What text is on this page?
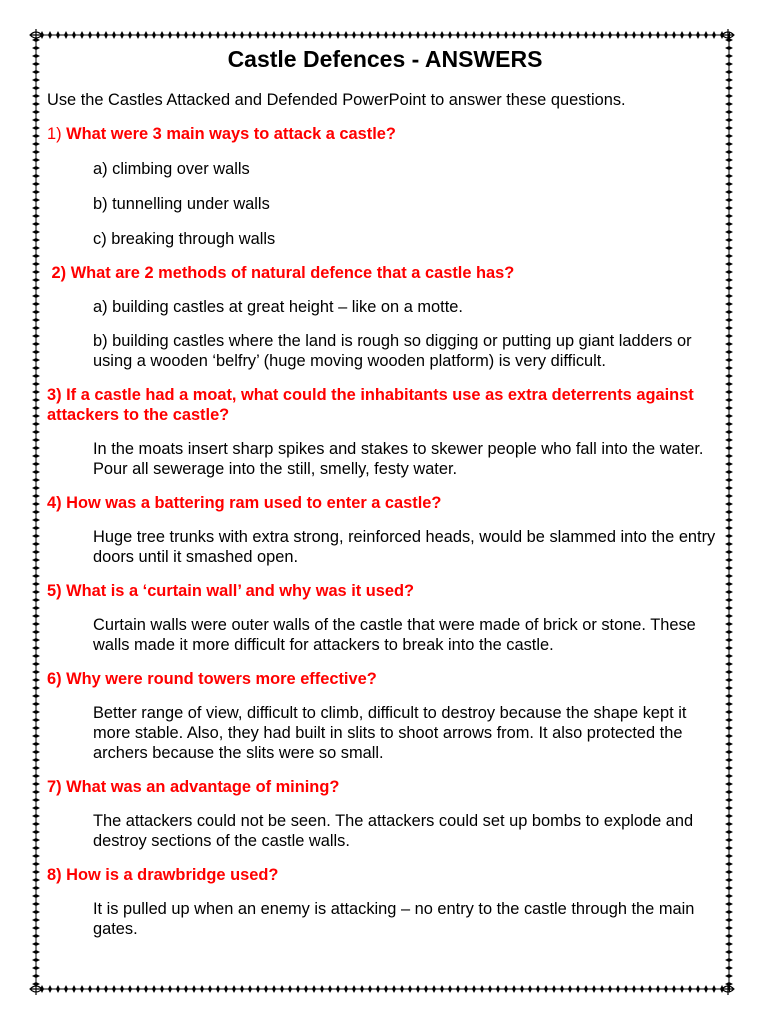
Castle Defences - ANSWERS

Use the Castles Attacked and Defended PowerPoint to answer these questions.

1) What were 3 main ways to attack a castle?

a) climbing over walls

b) tunnelling under walls

c) breaking through walls

2) What are 2 methods of natural defence that a castle has?

a) building castles at great height – like on a motte.

b) building castles where the land is rough so digging or putting up giant ladders or using a wooden ‘belfry’ (huge moving wooden platform) is very difficult.

3) If a castle had a moat, what could the inhabitants use as extra deterrents against attackers to the castle?

In the moats insert sharp spikes and stakes to skewer people who fall into the water. Pour all sewerage into the still, smelly, festy water.

4) How was a battering ram used to enter a castle?

Huge tree trunks with extra strong, reinforced heads, would be slammed into the entry doors until it smashed open.

5) What is a ‘curtain wall’ and why was it used?

Curtain walls were outer walls of the castle that were made of brick or stone. These walls made it more difficult for attackers to break into the castle.

6) Why were round towers more effective?

Better range of view, difficult to climb, difficult to destroy because the shape kept it more stable. Also, they had built in slits to shoot arrows from. It also protected the archers because the slits were so small.

7) What was an advantage of mining?

The attackers could not be seen. The attackers could set up bombs to explode and destroy sections of the castle walls.

8) How is a drawbridge used?

It is pulled up when an enemy is attacking – no entry to the castle through the main gates.
